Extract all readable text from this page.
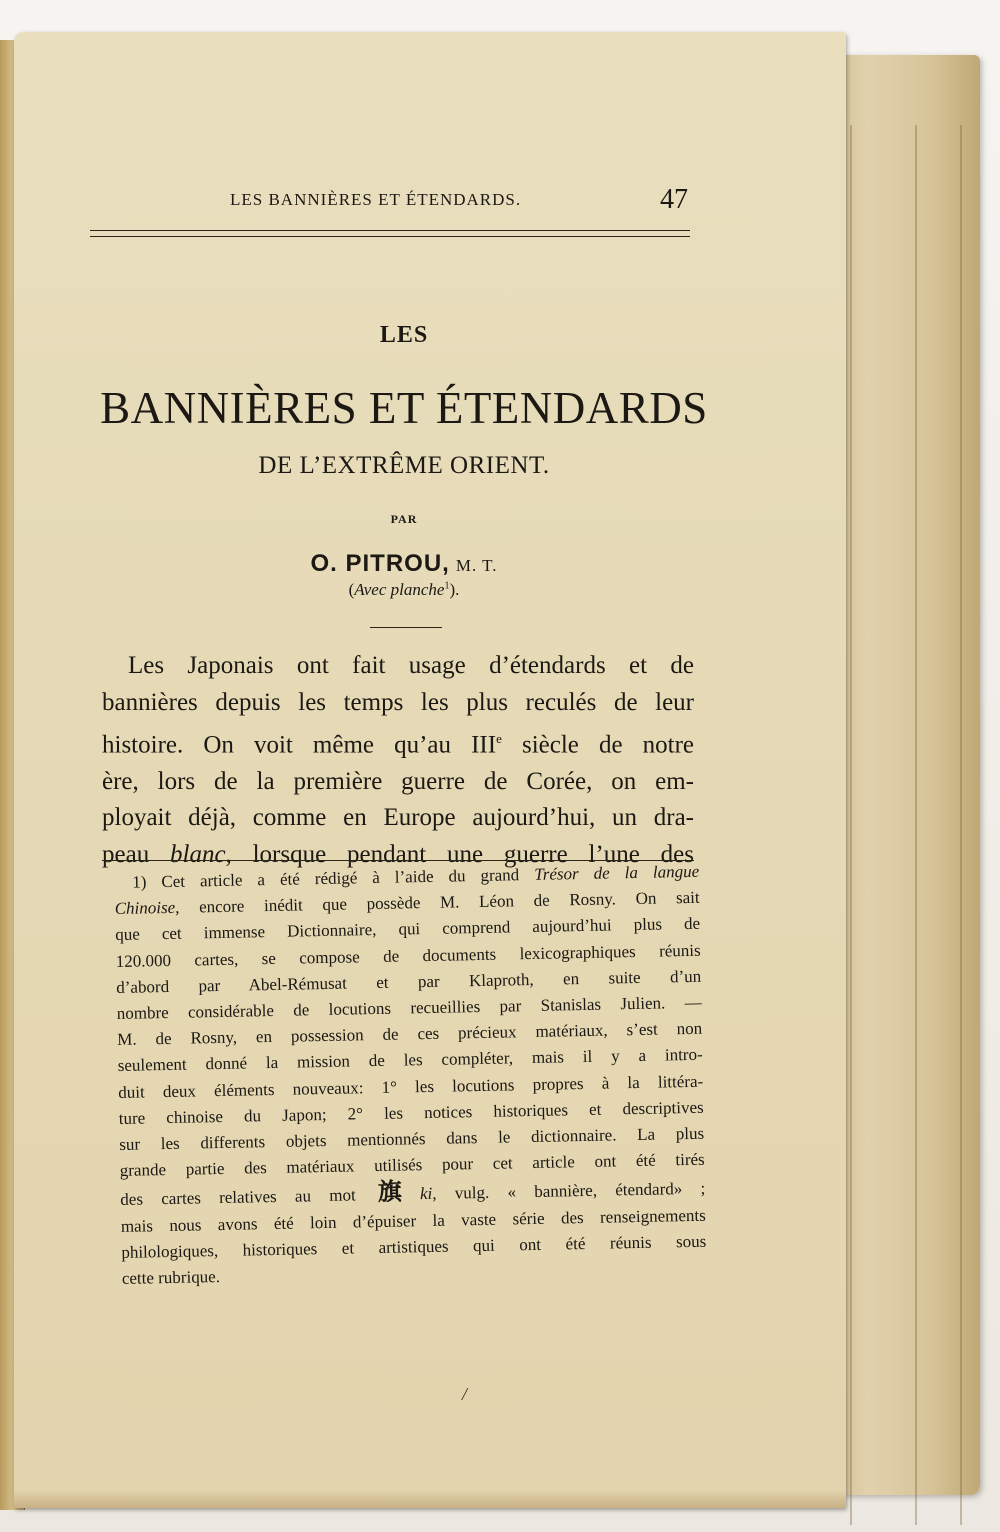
LES BANNIÈRES ET ÉTENDARDS.	47
LES
BANNIÈRES ET ÉTENDARDS
DE L’EXTRÊME ORIENT.
PAR
O. PITROU, M. T.
(Avec planche$^1$).
Les Japonais ont fait usage d’étendards et de
bannières depuis les temps les plus reculés de leur
histoire. On voit même qu’au IIIe siècle de notre
ère, lors de la première guerre de Corée, on em-
ployait déjà, comme en Europe aujourd’hui, un dra-
peau blanc, lorsque pendant une guerre l’une des
1) Cet article a été rédigé à l’aide du grand Trésor de la langue
Chinoise, encore inédit que possède M. Léon de Rosny. On sait
que cet immense Dictionnaire, qui comprend aujourd’hui plus de
120.000 cartes, se compose de documents lexicographiques réunis
d’abord par Abel-Rémusat et par Klaproth, en suite d’un
nombre considérable de locutions recueillies par Stanislas Julien. —
M. de Rosny, en possession de ces précieux matériaux, s’est non
seulement donné la mission de les compléter, mais il y a intro-
duit deux éléments nouveaux: 1° les locutions propres à la littéra-
ture chinoise du Japon; 2° les notices historiques et descriptives
sur les differents objets mentionnés dans le dictionnaire. La plus
grande partie des matériaux utilisés pour cet article ont été tirés
des cartes relatives au mot 旗 ki, vulg. « bannière, étendard» ;
mais nous avons été loin d’épuiser la vaste série des renseignements
philologiques, historiques et artistiques qui ont été réunis sous
cette rubrique.
/
